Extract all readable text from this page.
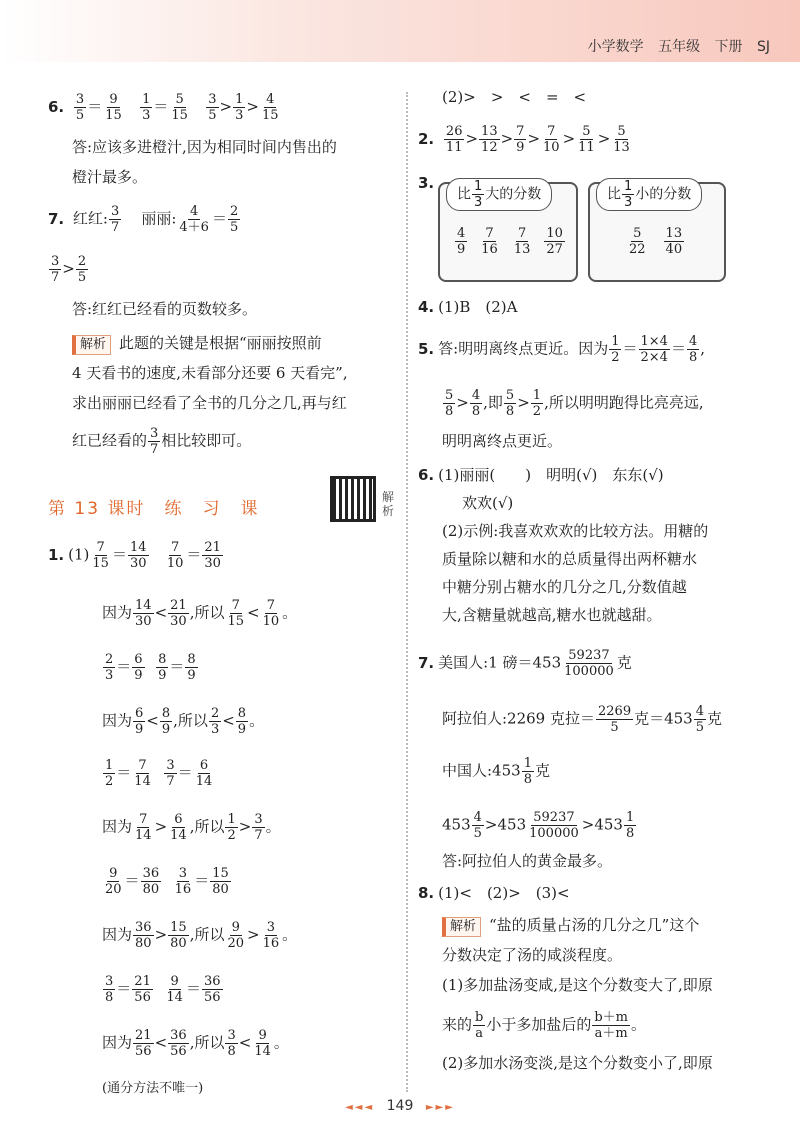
小学数学 五年级 下册 SJ
6. $\frac{3}{5} = \frac{9}{15}$
$\frac{1}{3} = \frac{5}{15}$
$\frac{3}{5} > \frac{1}{3} > \frac{4}{15}$
答:应该多进橙汁,因为相同时间内售出的
橙汁最多。
7. 红红: $\frac{3}{7}$ 丽丽: $\frac{4}{4+6} = \frac{2}{5}$
$\frac{3}{7} > \frac{2}{5}$
答:红红已经看的页数较多。
解析 此题的关键是根据“丽丽按照前
4 天看书的速度,未看部分还要 6 天看完”,
求出丽丽已经看了全书的几分之几,再与红
红已经看的 $\frac{3}{7}$ 相比较即可。
第 13 课时　练　习　课
解析
1. $(1) \frac{7}{15} = \frac{14}{30}$
$\frac{7}{10} = \frac{21}{30}$
因为 $\frac{14}{30} < \frac{21}{30}$ ,所以 $\frac{7}{15} < \frac{7}{10}$ 。
$\frac{2}{3} = \frac{6}{9}$
$\frac{8}{9} = \frac{8}{9}$
因为 $\frac{6}{9} < \frac{8}{9}$ ,所以 $\frac{2}{3} < \frac{8}{9}$ 。
$\frac{1}{2} = \frac{7}{14}$
$\frac{3}{7} = \frac{6}{14}$
因为 $\frac{7}{14} > \frac{6}{14}$ ,所以 $\frac{1}{2} > \frac{3}{7}$ 。
$\frac{9}{20} = \frac{36}{80}$
$\frac{3}{16} = \frac{15}{80}$
因为 $\frac{36}{80} > \frac{15}{80}$ ,所以 $\frac{9}{20} > \frac{3}{16}$ 。
$\frac{3}{8} = \frac{21}{56}$
$\frac{9}{14} = \frac{36}{56}$
因为 $\frac{21}{56} < \frac{36}{56}$ ,所以 $\frac{3}{8} < \frac{9}{14}$ 。
(通分方法不唯一)
(2)>　>　<　=　<
2. $\frac{26}{11} > \frac{13}{12} > \frac{7}{9} > \frac{7}{10} > \frac{5}{11} > \frac{5}{13}$
3.
比 $\frac{1}{3}$ 大的分数
$\frac{4}{9} \frac{7}{16} \frac{7}{13} \frac{10}{27}$
比 $\frac{1}{3}$ 小的分数
$\frac{5}{22} \frac{13}{40}$
4. (1)B　(2)A
5. 答:明明离终点更近。因为 $\frac{1}{2} = \frac{1\times 4}{2\times 4} = \frac{4}{8}$ ,
$\frac{5}{8} > \frac{4}{8}$ ,即 $\frac{5}{8} > \frac{1}{2}$ ,所以明明跑得比亮亮远,
明明离终点更近。
6. (1)丽丽(　　)　明明(√)　东东(√)
欢欢(√)
(2)示例:我喜欢欢欢的比较方法。用糖的
质量除以糖和水的总质量得出两杯糖水
中糖分别占糖水的几分之几,分数值越
大,含糖量就越高,糖水也就越甜。
7. 美国人:1 磅$=453 \frac{59237}{100000}$ 克
阿拉伯人:2269 克拉＝ $\frac{2269}{5}$ 克$=453 \frac{4}{5}$ 克
中国人:453 $\frac{1}{8}$ 克
$453 \frac{4}{5} >453 \frac{59237}{100000} >453 \frac{1}{8}$
答:阿拉伯人的黄金最多。
8. (1)<　(2)>　(3)<
解析 “盐的质量占汤的几分之几”这个
分数决定了汤的咸淡程度。
(1)多加盐汤变咸,是这个分数变大了,即原
来的 $\frac{b}{a}$ 小于多加盐后的 $\frac{b+m}{a+m}$ 。
(2)多加水汤变淡,是这个分数变小了,即原
◄◄◄ 149 ►►►
